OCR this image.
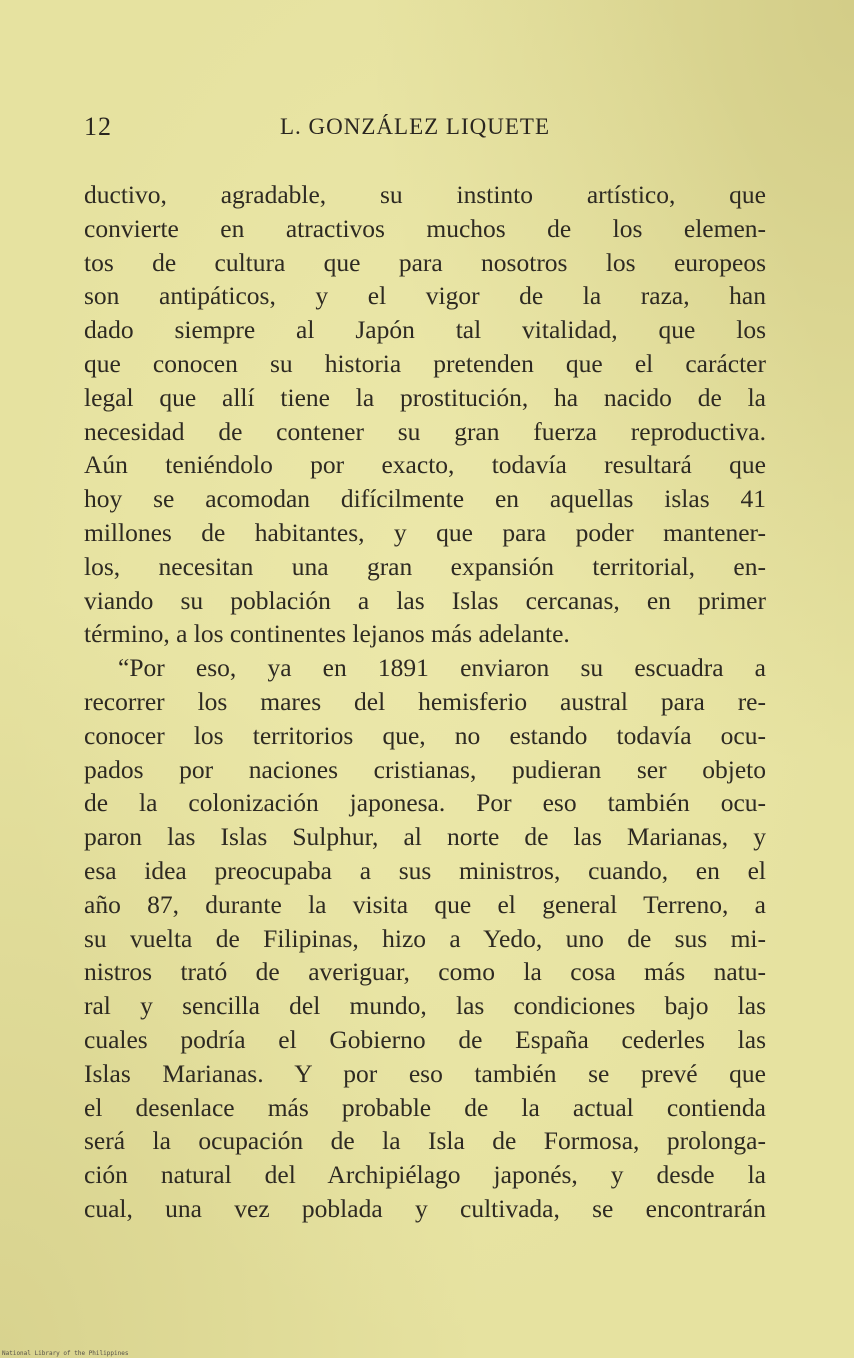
12	L. GONZÁLEZ LIQUETE
ductivo, agradable, su instinto artístico, que
convierte en atractivos muchos de los elemen-
tos de cultura que para nosotros los europeos
son antipáticos, y el vigor de la raza, han
dado siempre al Japón tal vitalidad, que los
que conocen su historia pretenden que el carácter
legal que allí tiene la prostitución, ha nacido de la
necesidad de contener su gran fuerza reproductiva.
Aún teniéndolo por exacto, todavía resultará que
hoy se acomodan difícilmente en aquellas islas 41
millones de habitantes, y que para poder mantener-
los, necesitan una gran expansión territorial, en-
viando su población a las Islas cercanas, en primer
término, a los continentes lejanos más adelante.
“Por eso, ya en 1891 enviaron su escuadra a
recorrer los mares del hemisferio austral para re-
conocer los territorios que, no estando todavía ocu-
pados por naciones cristianas, pudieran ser objeto
de la colonización japonesa. Por eso también ocu-
paron las Islas Sulphur, al norte de las Marianas, y
esa idea preocupaba a sus ministros, cuando, en el
año 87, durante la visita que el general Terreno, a
su vuelta de Filipinas, hizo a Yedo, uno de sus mi-
nistros trató de averiguar, como la cosa más natu-
ral y sencilla del mundo, las condiciones bajo las
cuales podría el Gobierno de España cederles las
Islas Marianas. Y por eso también se prevé que
el desenlace más probable de la actual contienda
será la ocupación de la Isla de Formosa, prolonga-
ción natural del Archipiélago japonés, y desde la
cual, una vez poblada y cultivada, se encontrarán
National Library of the Philippines
